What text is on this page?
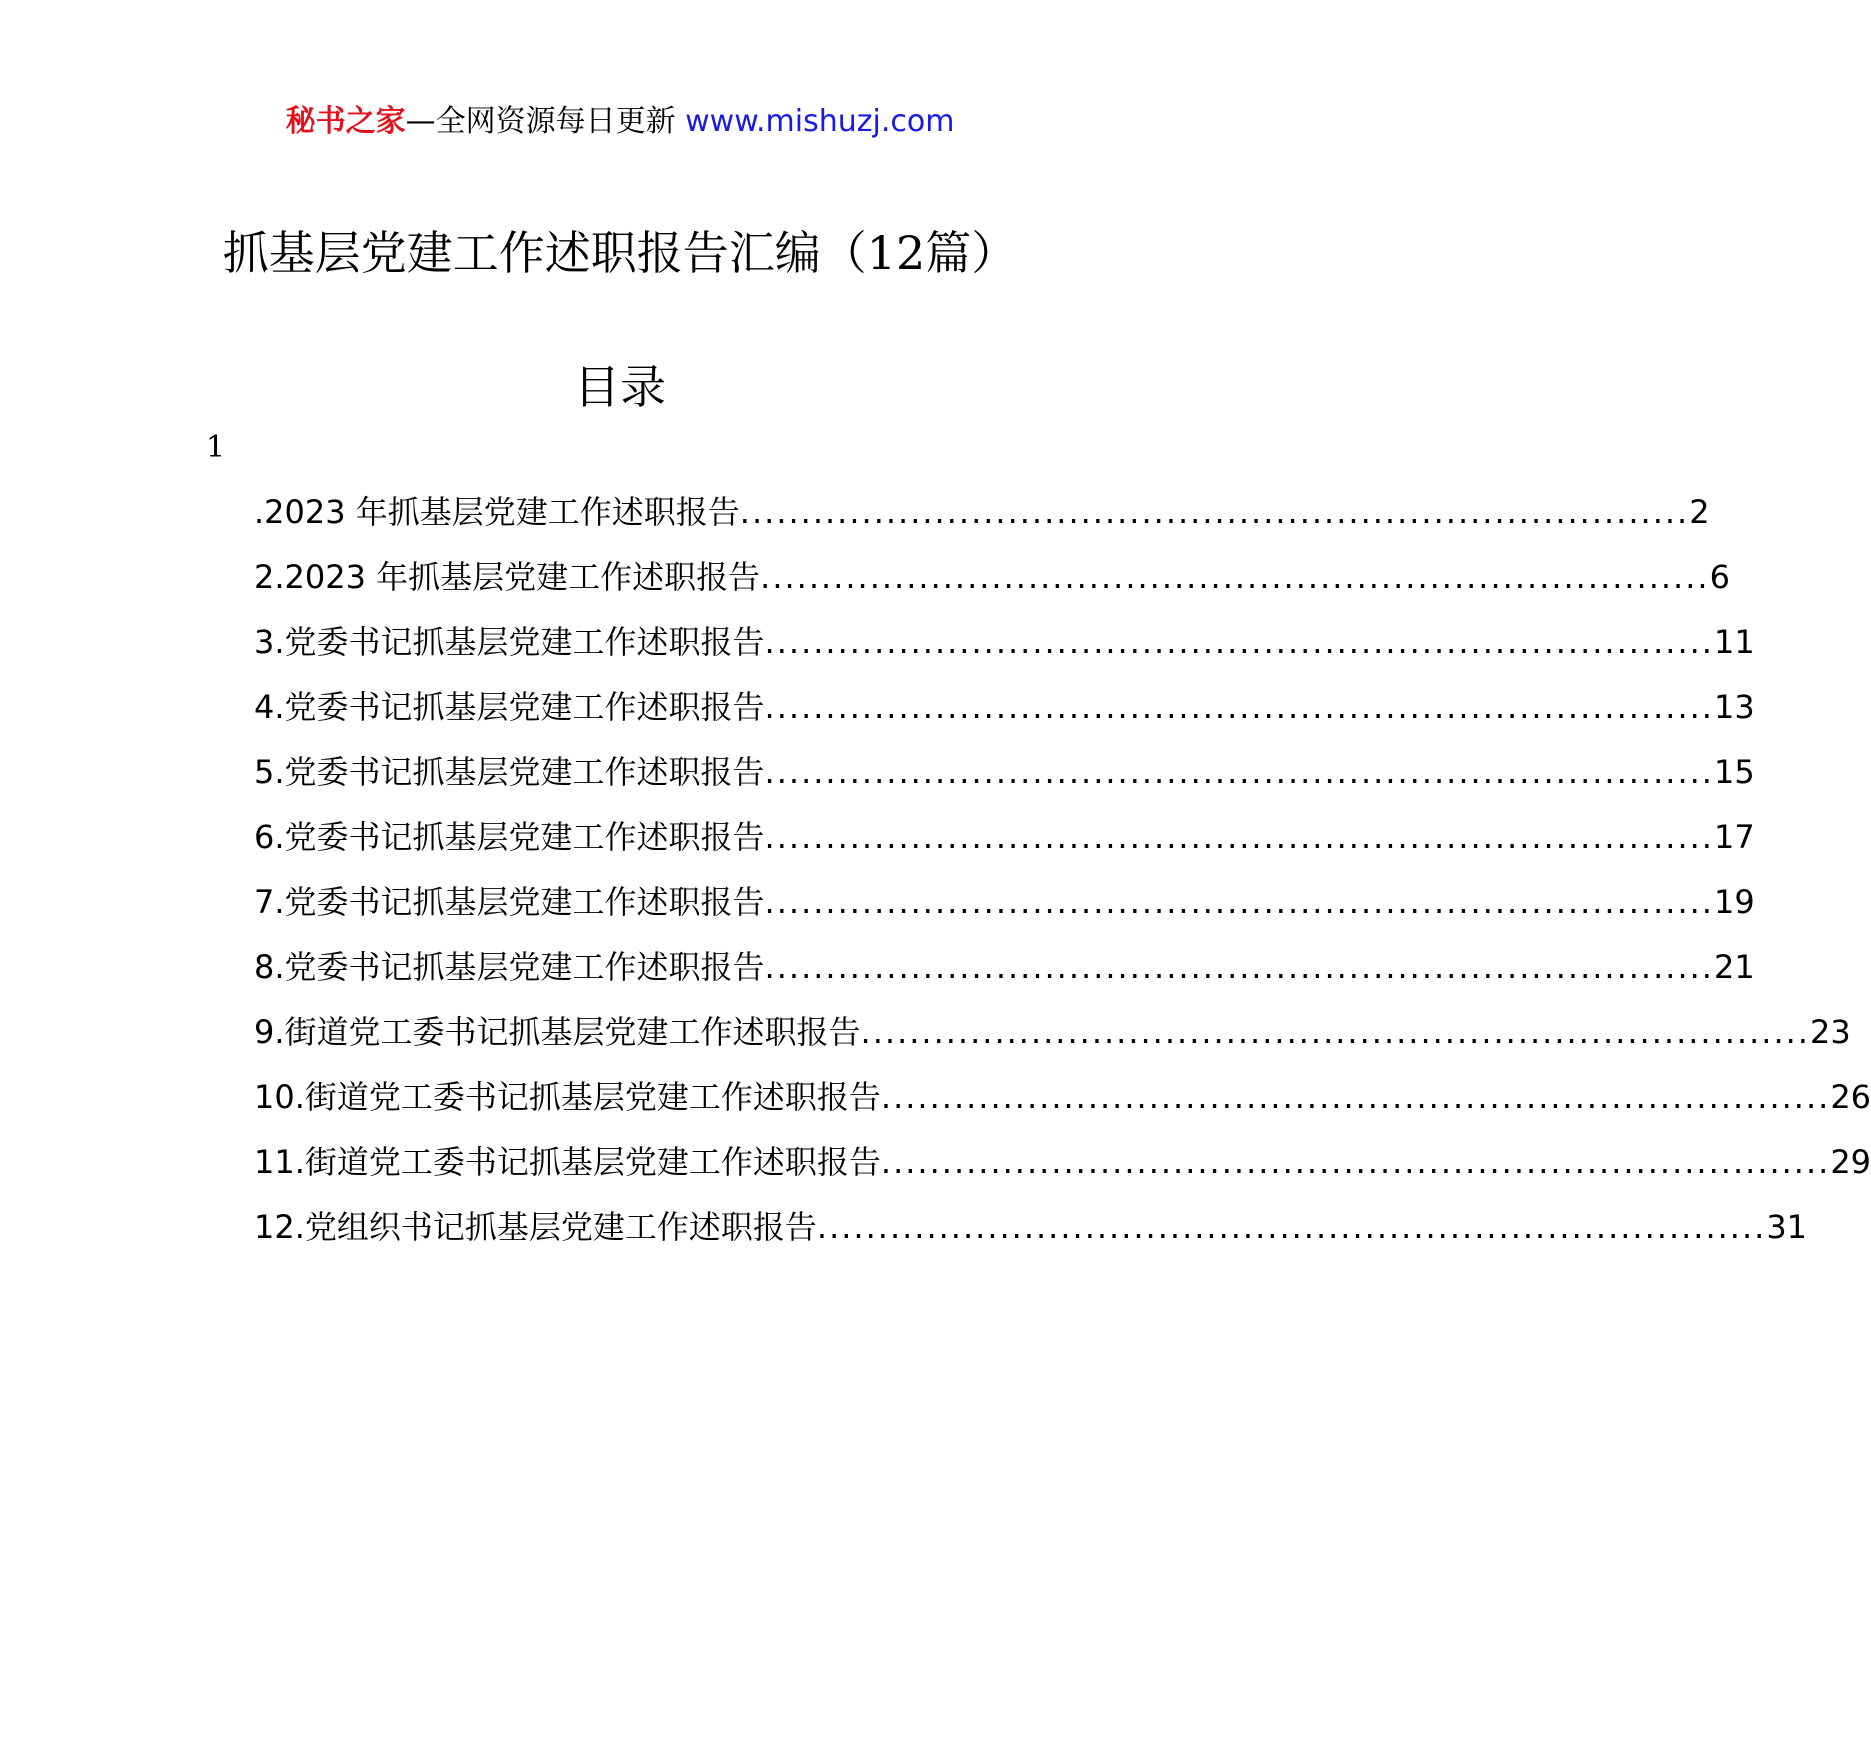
秘书之家—全网资源每日更新 www.mishuzj.com
抓基层党建工作述职报告汇编（12篇）
目录
1
.2023 年抓基层党建工作述职报告 .............................................................................. 2
2.2023 年抓基层党建工作述职报告 .............................................................................. 6
3.党委书记抓基层党建工作述职报告 .............................................................................. 11
4.党委书记抓基层党建工作述职报告 .............................................................................. 13
5.党委书记抓基层党建工作述职报告 .............................................................................. 15
6.党委书记抓基层党建工作述职报告 .............................................................................. 17
7.党委书记抓基层党建工作述职报告 .............................................................................. 19
8.党委书记抓基层党建工作述职报告 .............................................................................. 21
9.街道党工委书记抓基层党建工作述职报告 .............................................................................. 23
10.街道党工委书记抓基层党建工作述职报告 .............................................................................. 26
11.街道党工委书记抓基层党建工作述职报告 .............................................................................. 29
12.党组织书记抓基层党建工作述职报告 .............................................................................. 31
